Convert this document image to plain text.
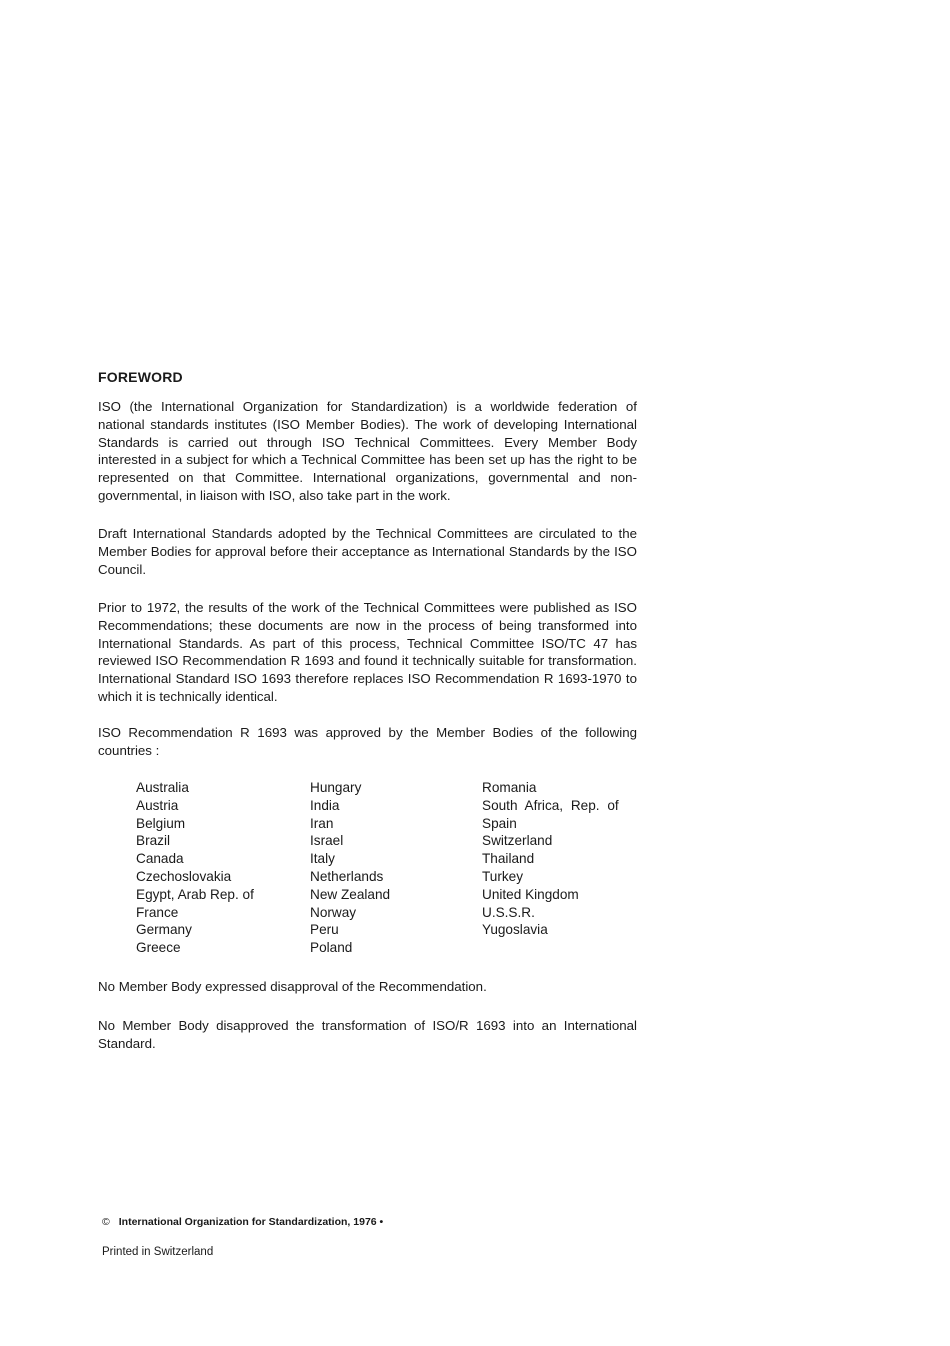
FOREWORD

ISO (the International Organization for Standardization) is a worldwide federation of national standards institutes (ISO Member Bodies). The work of developing International Standards is carried out through ISO Technical Committees. Every Member Body interested in a subject for which a Technical Committee has been set up has the right to be represented on that Committee. International organizations, governmental and non-governmental, in liaison with ISO, also take part in the work.

Draft International Standards adopted by the Technical Committees are circulated to the Member Bodies for approval before their acceptance as International Standards by the ISO Council.

Prior to 1972, the results of the work of the Technical Committees were published as ISO Recommendations; these documents are now in the process of being transformed into International Standards. As part of this process, Technical Committee ISO/TC 47 has reviewed ISO Recommendation R 1693 and found it technically suitable for transformation. International Standard ISO 1693 therefore replaces ISO Recommendation R 1693-1970 to which it is technically identical.

ISO Recommendation R 1693 was approved by the Member Bodies of the following countries :

Australia
Austria
Belgium
Brazil
Canada
Czechoslovakia
Egypt, Arab Rep. of
France
Germany
Greece
Hungary
India
Iran
Israel
Italy
Netherlands
New Zealand
Norway
Peru
Poland
Romania
South Africa, Rep. of
Spain
Switzerland
Thailand
Turkey
United Kingdom
U.S.S.R.
Yugoslavia

No Member Body expressed disapproval of the Recommendation.

No Member Body disapproved the transformation of ISO/R 1693 into an International Standard.

© International Organization for Standardization, 1976 •
Printed in Switzerland
